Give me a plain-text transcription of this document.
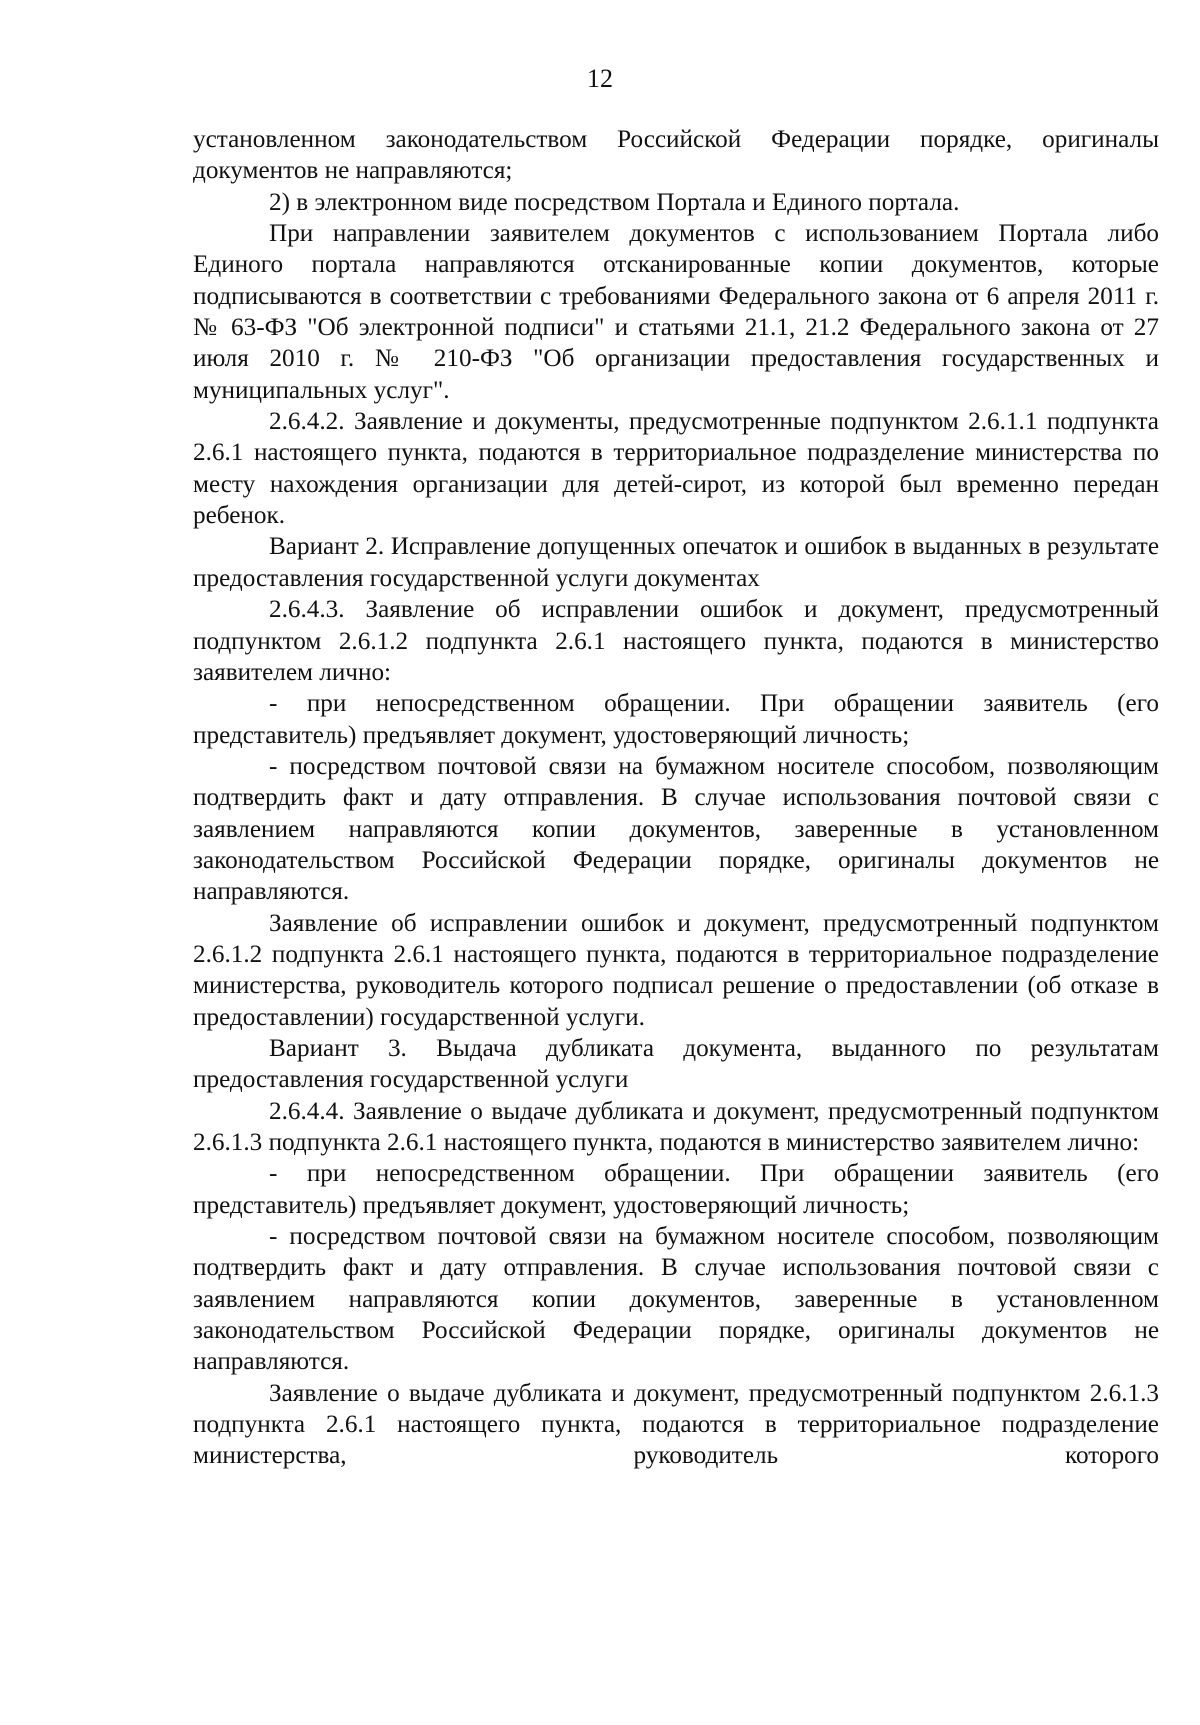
12

установленном законодательством Российской Федерации порядке, оригиналы документов не направляются;

2) в электронном виде посредством Портала и Единого портала.

При направлении заявителем документов с использованием Портала либо Единого портала направляются отсканированные копии документов, которые подписываются в соответствии с требованиями Федерального закона от 6 апреля 2011 г. № 63-ФЗ "Об электронной подписи" и статьями 21.1, 21.2 Федерального закона от 27 июля 2010 г. № 210-ФЗ "Об организации предоставления государственных и муниципальных услуг".

2.6.4.2. Заявление и документы, предусмотренные подпунктом 2.6.1.1 подпункта 2.6.1 настоящего пункта, подаются в территориальное подразделение министерства по месту нахождения организации для детей-сирот, из которой был временно передан ребенок.

Вариант 2. Исправление допущенных опечаток и ошибок в выданных в результате предоставления государственной услуги документах

2.6.4.3. Заявление об исправлении ошибок и документ, предусмотренный подпунктом 2.6.1.2 подпункта 2.6.1 настоящего пункта, подаются в министерство заявителем лично:

- при непосредственном обращении. При обращении заявитель (его представитель) предъявляет документ, удостоверяющий личность;

- посредством почтовой связи на бумажном носителе способом, позволяющим подтвердить факт и дату отправления. В случае использования почтовой связи с заявлением направляются копии документов, заверенные в установленном законодательством Российской Федерации порядке, оригиналы документов не направляются.

Заявление об исправлении ошибок и документ, предусмотренный подпунктом 2.6.1.2 подпункта 2.6.1 настоящего пункта, подаются в территориальное подразделение министерства, руководитель которого подписал решение о предоставлении (об отказе в предоставлении) государственной услуги.

Вариант 3. Выдача дубликата документа, выданного по результатам предоставления государственной услуги

2.6.4.4. Заявление о выдаче дубликата и документ, предусмотренный подпунктом 2.6.1.3 подпункта 2.6.1 настоящего пункта, подаются в министерство заявителем лично:

- при непосредственном обращении. При обращении заявитель (его представитель) предъявляет документ, удостоверяющий личность;

- посредством почтовой связи на бумажном носителе способом, позволяющим подтвердить факт и дату отправления. В случае использования почтовой связи с заявлением направляются копии документов, заверенные в установленном законодательством Российской Федерации порядке, оригиналы документов не направляются.

Заявление о выдаче дубликата и документ, предусмотренный подпунктом 2.6.1.3 подпункта 2.6.1 настоящего пункта, подаются в территориальное подразделение министерства, руководитель которого
